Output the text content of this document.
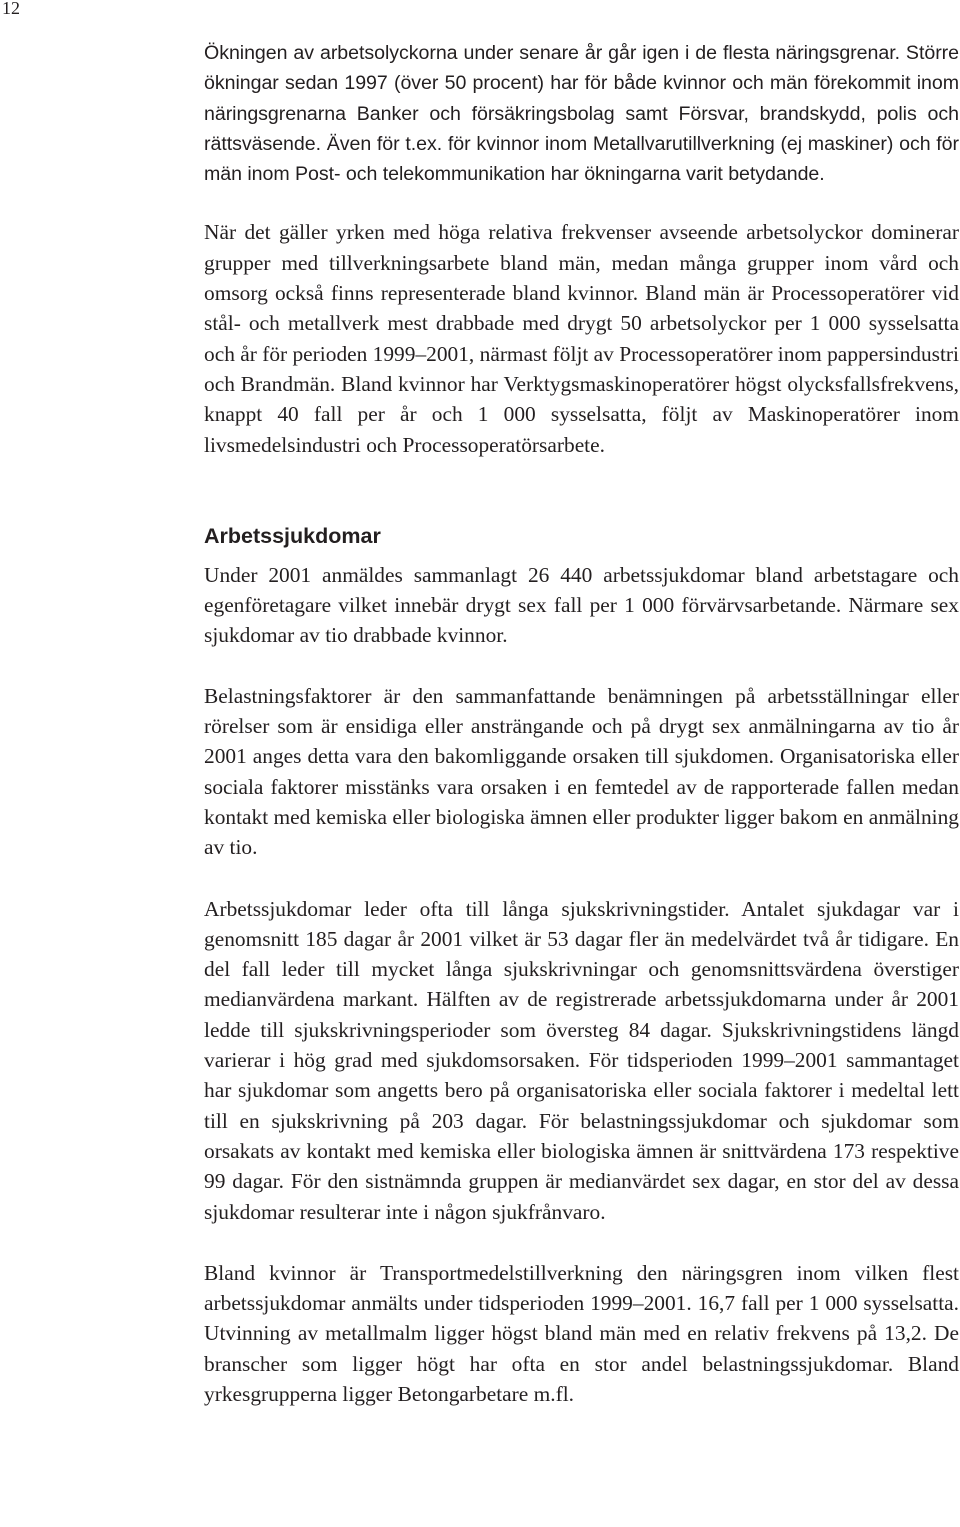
12

Ökningen av arbetsolyckorna under senare år går igen i de flesta näringsgrenar. Större ökningar sedan 1997 (över 50 procent) har för både kvinnor och män förekommit inom näringsgrenarna Banker och försäkringsbolag samt Försvar, brandskydd, polis och rättsväsende. Även för t.ex. för kvinnor inom Metallvarutillverkning (ej maskiner) och för män inom Post- och telekommunikation har ökningarna varit betydande.

När det gäller yrken med höga relativa frekvenser avseende arbetsolyckor dominerar grupper med tillverkningsarbete bland män, medan många grupper inom vård och omsorg också finns representerade bland kvinnor. Bland män är Processoperatörer vid stål- och metallverk mest drabbade med drygt 50 arbetsolyckor per 1 000 sysselsatta och år för perioden 1999–2001, närmast följt av Processoperatörer inom pappersindustri och Brandmän. Bland kvinnor har Verktygsmaskinoperatörer högst olycksfallsfrekvens, knappt 40 fall per år och 1 000 sysselsatta, följt av Maskinoperatörer inom livsmedelsindustri och Processoperatörsarbete.

Arbetssjukdomar

Under 2001 anmäldes sammanlagt 26 440 arbetssjukdomar bland arbetstagare och egenföretagare vilket innebär drygt sex fall per 1 000 förvärvsarbetande. Närmare sex sjukdomar av tio drabbade kvinnor.

Belastningsfaktorer är den sammanfattande benämningen på arbetsställningar eller rörelser som är ensidiga eller ansträngande och på drygt sex anmälningarna av tio år 2001 anges detta vara den bakomliggande orsaken till sjukdomen. Organisatoriska eller sociala faktorer misstänks vara orsaken i en femtedel av de rapporterade fallen medan kontakt med kemiska eller biologiska ämnen eller produkter ligger bakom en anmälning av tio.

Arbetssjukdomar leder ofta till långa sjukskrivningstider. Antalet sjukdagar var i genomsnitt 185 dagar år 2001 vilket är 53 dagar fler än medelvärdet två år tidigare. En del fall leder till mycket långa sjukskrivningar och genomsnittsvärdena överstiger medianvärdena markant. Hälften av de registrerade arbetssjukdomarna under år 2001 ledde till sjukskrivningsperioder som översteg 84 dagar. Sjukskrivningstidens längd varierar i hög grad med sjukdomsorsaken. För tidsperioden 1999–2001 sammantaget har sjukdomar som angetts bero på organisatoriska eller sociala faktorer i medeltal lett till en sjukskrivning på 203 dagar. För belastningssjukdomar och sjukdomar som orsakats av kontakt med kemiska eller biologiska ämnen är snittvärdena 173 respektive 99 dagar. För den sistnämnda gruppen är medianvärdet sex dagar, en stor del av dessa sjukdomar resulterar inte i någon sjukfrånvaro.

Bland kvinnor är Transportmedelstillverkning den näringsgren inom vilken flest arbetssjukdomar anmälts under tidsperioden 1999–2001. 16,7 fall per 1 000 sysselsatta. Utvinning av metallmalm ligger högst bland män med en relativ frekvens på 13,2. De branscher som ligger högt har ofta en stor andel belastningssjukdomar. Bland yrkesgrupperna ligger Betongarbetare m.fl.
